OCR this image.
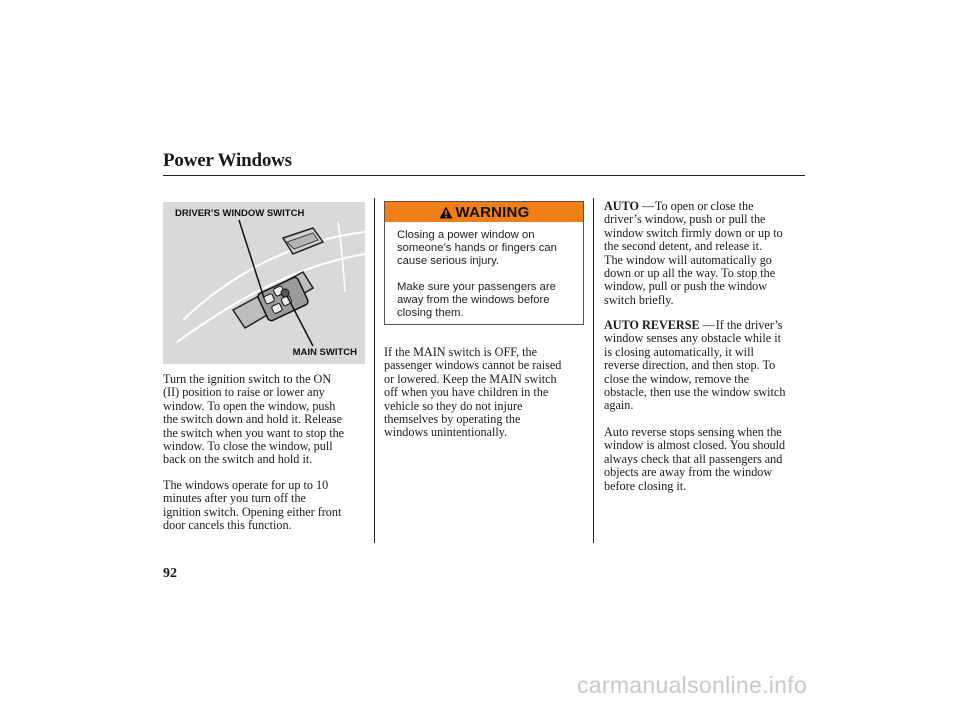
Power Windows
DRIVER’S WINDOW SWITCH
MAIN SWITCH

Turn the ignition switch to the ON
(II) position to raise or lower any
window. To open the window, push
the switch down and hold it. Release
the switch when you want to stop the
window. To close the window, pull
back on the switch and hold it.

The windows operate for up to 10
minutes after you turn off the
ignition switch. Opening either front
door cancels this function.

WARNING

Closing a power window on
someone’s hands or fingers can
cause serious injury.

Make sure your passengers are
away from the windows before
closing them.

If the MAIN switch is OFF, the
passenger windows cannot be raised
or lowered. Keep the MAIN switch
off when you have children in the
vehicle so they do not injure
themselves by operating the
windows unintentionally.

AUTO — To open or close the
driver’s window, push or pull the
window switch firmly down or up to
the second detent, and release it.
The window will automatically go
down or up all the way. To stop the
window, pull or push the window
switch briefly.

AUTO REVERSE — If the driver’s
window senses any obstacle while it
is closing automatically, it will
reverse direction, and then stop. To
close the window, remove the
obstacle, then use the window switch
again.

Auto reverse stops sensing when the
window is almost closed. You should
always check that all passengers and
objects are away from the window
before closing it.

92
carmanualsonline.info
